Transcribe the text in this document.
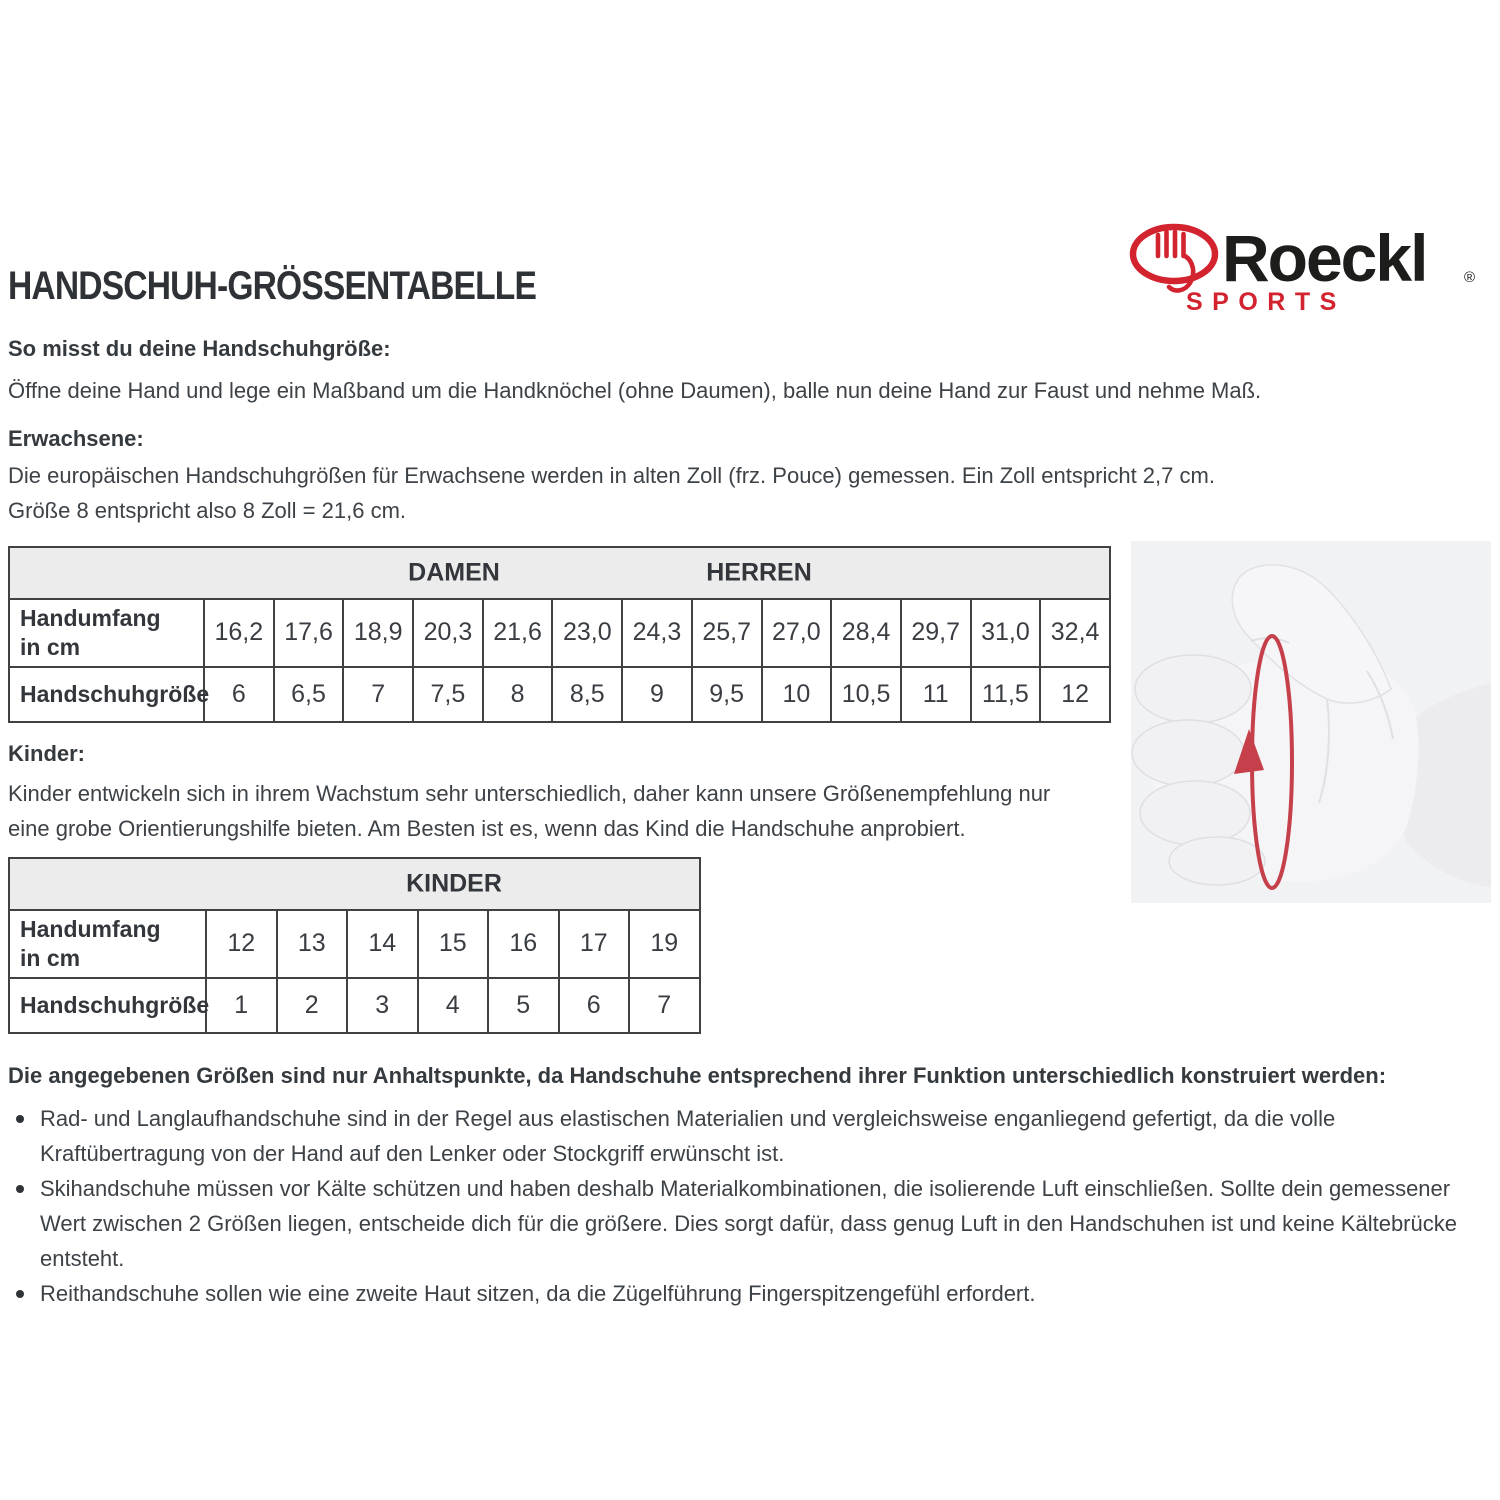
HANDSCHUH-GRÖSSENTABELLE	Roeckl	®
SPORTS
So misst du deine Handschuhgröße:
Öffne deine Hand und lege ein Maßband um die Handknöchel (ohne Daumen), balle nun deine Hand zur Faust und nehme Maß.
Erwachsene:
Die europäischen Handschuhgrößen für Erwachsene werden in alten Zoll (frz. Pouce) gemessen. Ein Zoll entspricht 2,7 cm.
Größe 8 entspricht also 8 Zoll = 21,6 cm.
DAMEN HERREN													

Handumfang
in cm	16,2	17,6	18,9	20,3	21,6	23,0	24,3	25,7	27,0	28,4	29,7	31,0	32,4
Handschuhgröße	6	6,5	7	7,5	8	8,5	9	9,5	10	10,5	11	11,5	12
Kinder:
Kinder entwickeln sich in ihrem Wachstum sehr unterschiedlich, daher kann unsere Größenempfehlung nur eine grobe Orientierungshilfe bieten. Am Besten ist es, wenn das Kind die Handschuhe anprobiert.
KINDER							

Handumfang
in cm	12	13	14	15	16	17	19
Handschuhgröße	1	2	3	4	5	6	7
Die angegebenen Größen sind nur Anhaltspunkte, da Handschuhe entsprechend ihrer Funktion unterschiedlich konstruiert werden:
Rad- und Langlaufhandschuhe sind in der Regel aus elastischen Materialien und vergleichsweise enganliegend gefertigt, da die volle Kraftübertragung von der Hand auf den Lenker oder Stockgriff erwünscht ist.
Skihandschuhe müssen vor Kälte schützen und haben deshalb Materialkombinationen, die isolierende Luft einschließen. Sollte dein gemessener Wert zwischen 2 Größen liegen, entscheide dich für die größere. Dies sorgt dafür, dass genug Luft in den Handschuhen ist und keine Kältebrücke entsteht.
Reithandschuhe sollen wie eine zweite Haut sitzen, da die Zügelführung Fingerspitzengefühl erfordert.
